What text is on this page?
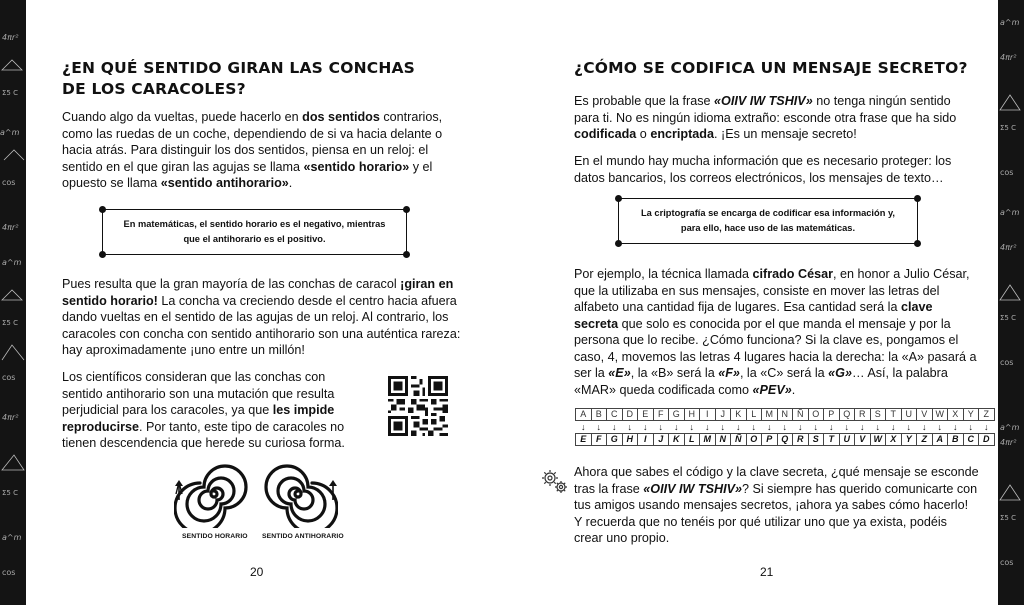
4πr²
Σ5 C
a^m
cos
4πr²
a^m
Σ5 C
cos
4πr²
Σ5 C
a^m
cos
a^m
4πr²
Σ5 C
cos
a^m
4πr²
Σ5 C
cos
a^m
4πr²
Σ5 C
cos
¿EN QUÉ SENTIDO GIRAN LAS CONCHAS
DE LOS CARACOLES?

Cuando algo da vueltas, puede hacerlo en dos sentidos contrarios, como las ruedas de un coche, dependiendo de si va hacia delante o hacia atrás. Para distinguir los dos sentidos, piensa en un reloj: el sentido en el que giran las agujas se llama «sentido horario» y el opuesto se llama «sentido antihorario».

En matemáticas, el sentido horario es el negativo, mientras que el antihorario es el positivo.

Pues resulta que la gran mayoría de las conchas de caracol ¡giran en sentido horario! La concha va creciendo desde el centro hacia afuera dando vueltas en el sentido de las agujas de un reloj. Al contrario, los caracoles con concha con sentido antihorario son una auténtica rareza: hay aproximadamente ¡uno entre un millón!

Los científicos consideran que las conchas con sentido antihorario son una mutación que resulta perjudicial para los caracoles, ya que les impide reproducirse. Por tanto, este tipo de caracoles no tienen descendencia que herede su curiosa forma.

SENTIDO HORARIO SENTIDO ANTIHORARIO
20
¿CÓMO SE CODIFICA UN MENSAJE SECRETO?

Es probable que la frase «OIIV IW TSHIV» no tenga ningún sentido para ti. No es ningún idioma extraño: esconde otra frase que ha sido codificada o encriptada. ¡Es un mensaje secreto!

En el mundo hay mucha información que es necesario proteger: los datos bancarios, los correos electrónicos, los mensajes de texto…

La criptografía se encarga de codificar esa información y, para ello, hace uso de las matemáticas.

Por ejemplo, la técnica llamada cifrado César, en honor a Julio César, que la utilizaba en sus mensajes, consiste en mover las letras del alfabeto una cantidad fija de lugares. Esa cantidad será la clave secreta que solo es conocida por el que manda el mensaje y por la persona que lo recibe. ¿Cómo funciona? Si la clave es, pongamos el caso, 4, movemos las letras 4 lugares hacia la derecha: la «A» pasará a ser la «E», la «B» será la «F», la «C» será la «G»… Así, la palabra «MAR» queda codificada como «PEV».

A	B	C	D	E	F	G H	I	J	K	L	M N	Ñ O P Q R	S	T	U	V W X	Y	Z
↓	↓	↓	↓	↓	↓	↓	↓	↓	↓	↓	↓	↓	↓	↓	↓	↓	↓	↓	↓	↓	↓	↓	↓	↓	↓	↓
E	F	G H	I	J	K	L	M N	Ñ O P Q R	S	T	U	V W X	Y	Z	A	B	C	D

Ahora que sabes el código y la clave secreta, ¿qué mensaje se esconde tras la frase «OIIV IW TSHIV»? Si siempre has querido comunicarte con tus amigos usando mensajes secretos, ¡ahora ya sabes cómo hacerlo! Y recuerda que no tenéis por qué utilizar uno que ya exista, podéis crear uno propio.

21
